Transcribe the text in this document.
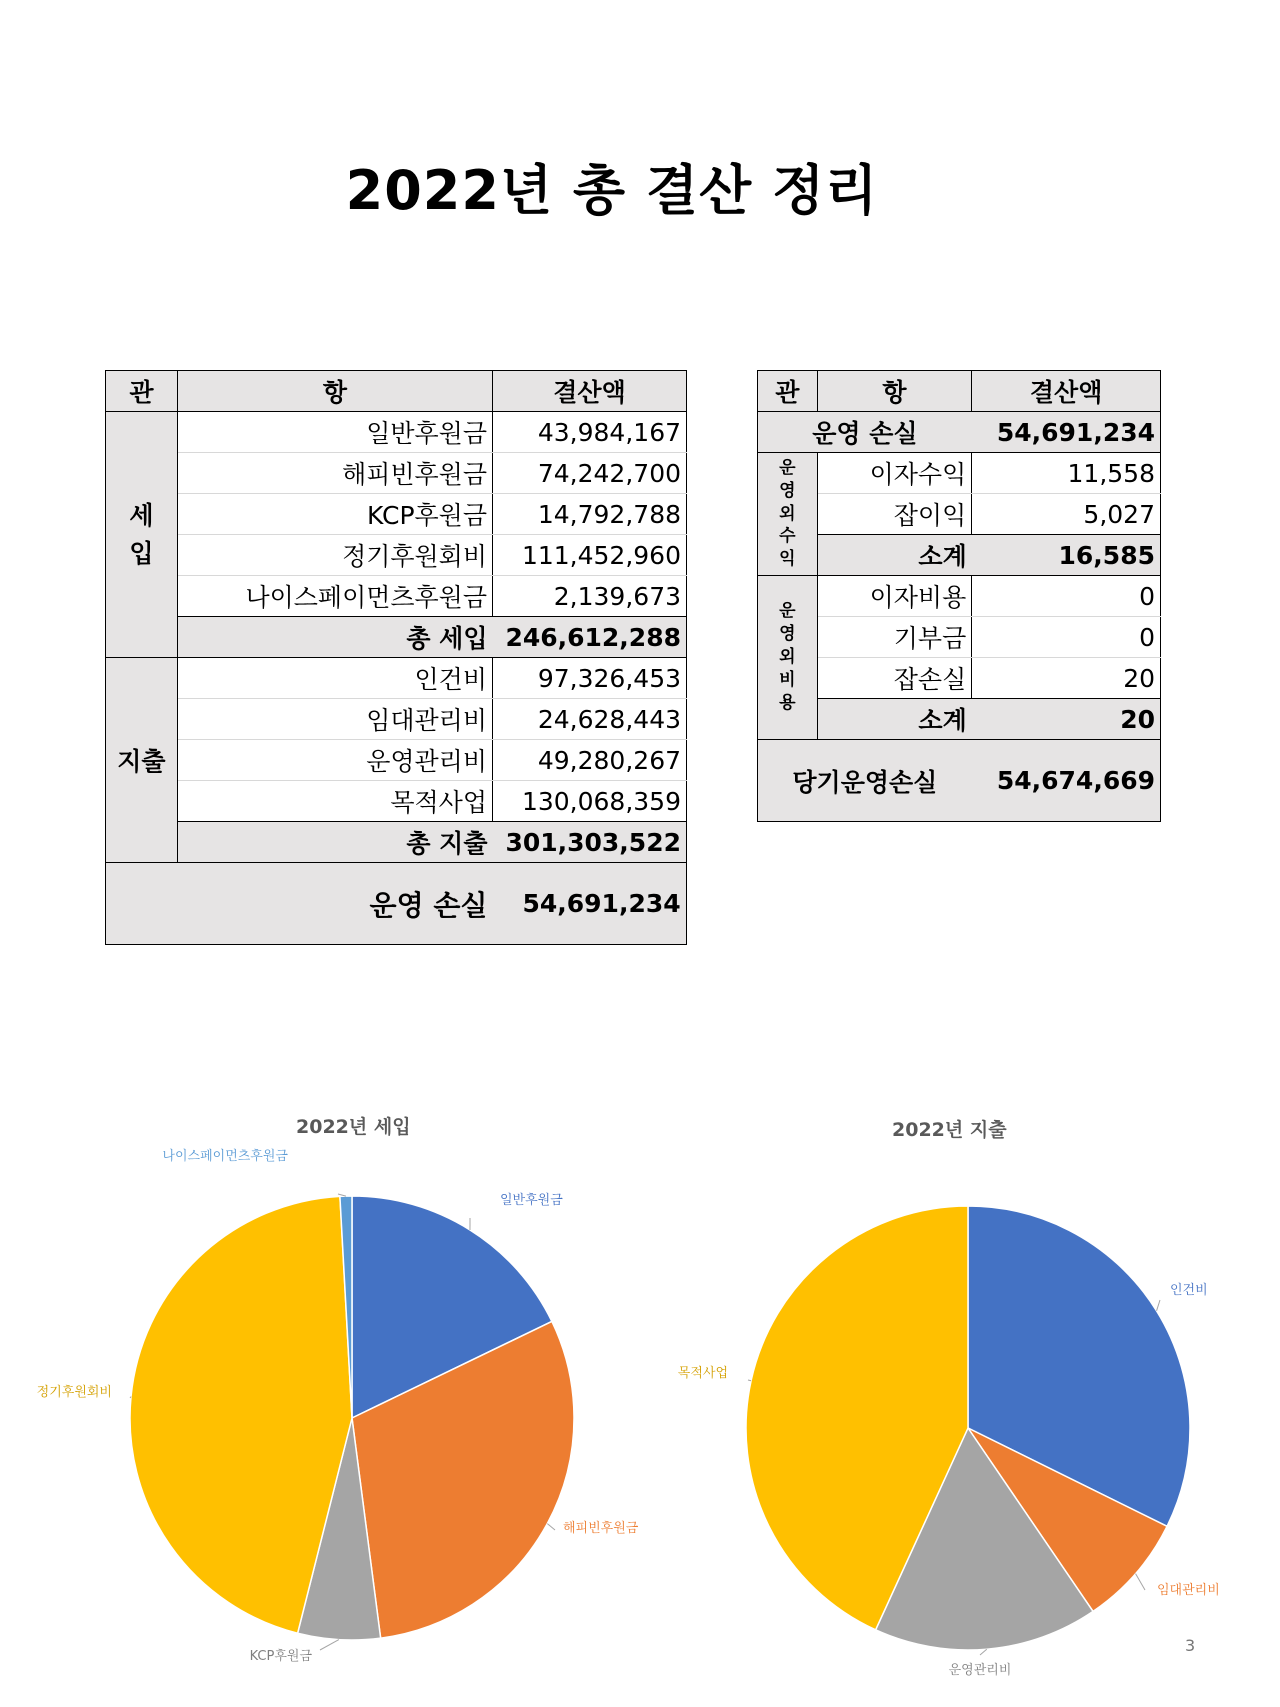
2022년 총 결산 정리
관	항	결산액
세
입	일반후원금	43,984,167
	해피빈후원금	74,242,700
	KCP후원금	14,792,788
	정기후원회비	111,452,960
	나이스페이먼츠후원금	2,139,673
	총 세입	246,612,288
지출	인건비	97,326,453
	임대관리비	24,628,443
	운영관리비	49,280,267
	목적사업	130,068,359
	총 지출	301,303,522
운영 손실		54,691,234
관	항	결산액
운영 손실		54,691,234
운
영
외
수
익	이자수익	11,558
	잡이익	5,027
	소계	16,585
운
영
외
비
용	이자비용	0
	기부금	0
	잡손실	20
	소계	20
당기운영손실		54,674,669
2022년 세입	2022년 지출
일반후원금
해피빈후원금
KCP후원금
정기후원회비
나이스페이먼츠후원금
인건비
임대관리비
운영관리비
목적사업
3
